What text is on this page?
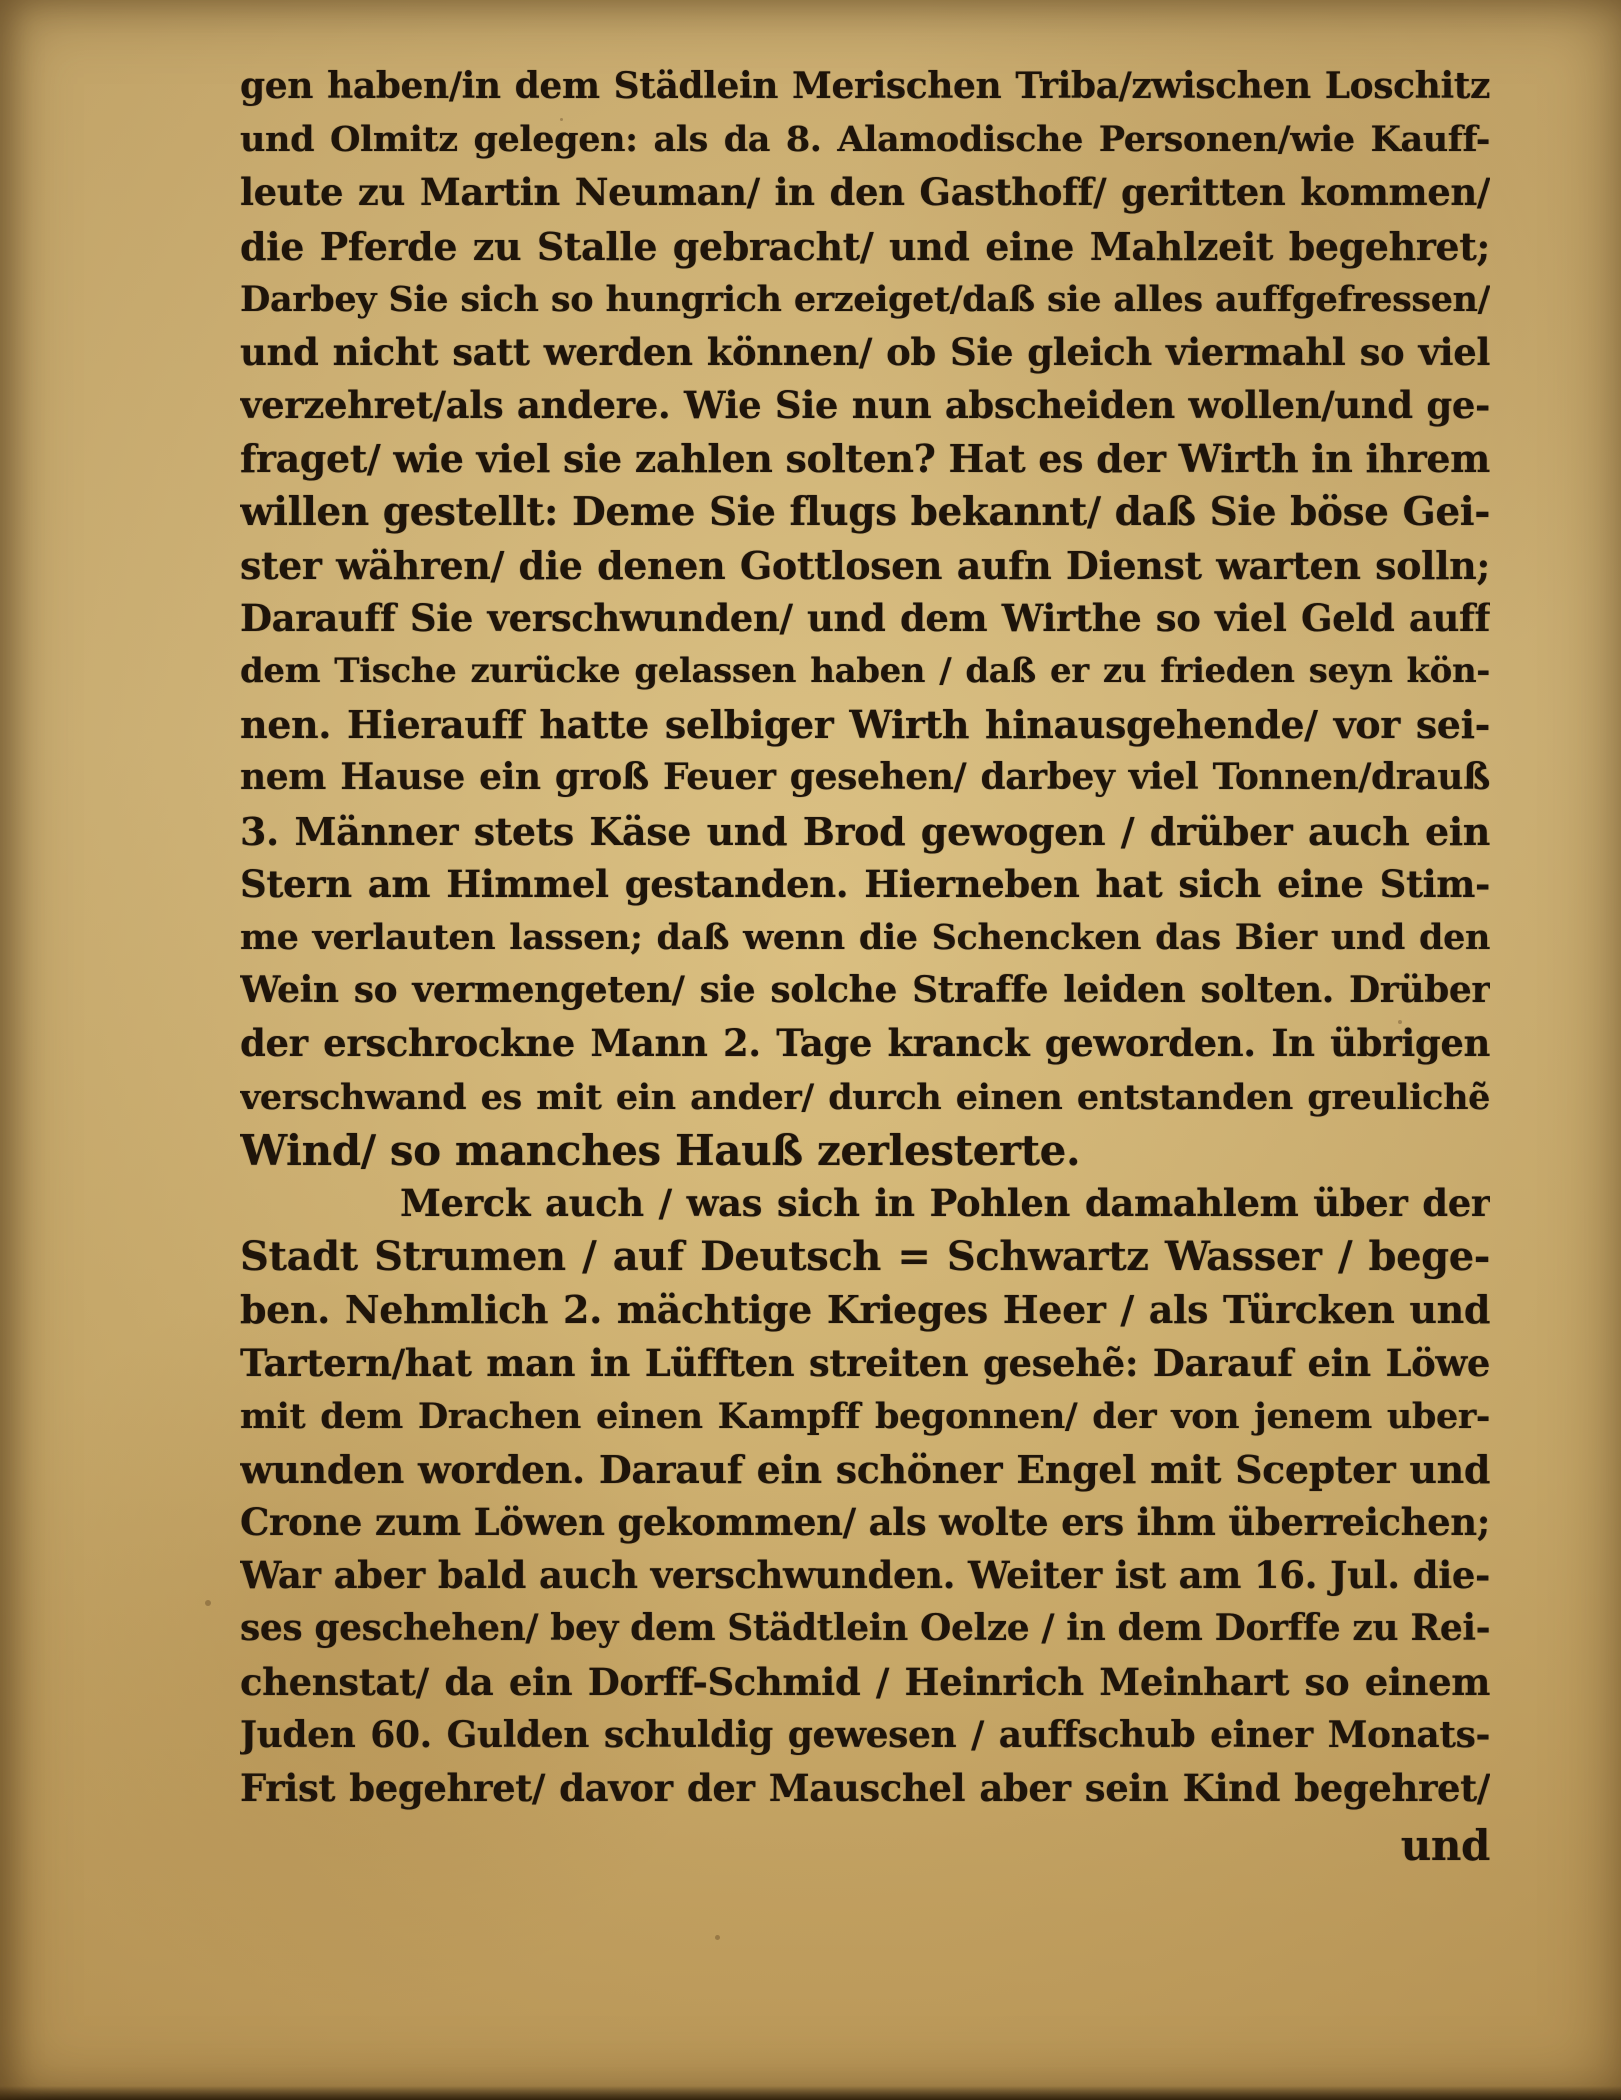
gen haben/in dem Städlein Merischen Triba/zwischen Loschitz
und Olmitz gelegen: als da 8. Alamodische Personen/wie Kauff-
leute zu Martin Neuman/ in den Gasthoff/ geritten kommen/
die Pferde zu Stalle gebracht/ und eine Mahlzeit begehret;
Darbey Sie sich so hungrich erzeiget/daß sie alles auffgefressen/
und nicht satt werden können/ ob Sie gleich viermahl so viel
verzehret/als andere. Wie Sie nun abscheiden wollen/und ge-
fraget/ wie viel sie zahlen solten? Hat es der Wirth in ihrem
willen gestellt: Deme Sie flugs bekannt/ daß Sie böse Gei-
ster währen/ die denen Gottlosen aufn Dienst warten solln;
Darauff Sie verschwunden/ und dem Wirthe so viel Geld auff
dem Tische zurücke gelassen haben / daß er zu frieden seyn kön-
nen. Hierauff hatte selbiger Wirth hinausgehende/ vor sei-
nem Hause ein groß Feuer gesehen/ darbey viel Tonnen/drauß
3. Männer stets Käse und Brod gewogen / drüber auch ein
Stern am Himmel gestanden. Hierneben hat sich eine Stim-
me verlauten lassen; daß wenn die Schencken das Bier und den
Wein so vermengeten/ sie solche Straffe leiden solten. Drüber
der erschrockne Mann 2. Tage kranck geworden. In übrigen
verschwand es mit ein ander/ durch einen entstanden greulichẽ
Wind/ so manches Hauß zerlesterte.
Merck auch / was sich in Pohlen damahlem über der
Stadt Strumen / auf Deutsch = Schwartz Wasser / bege-
ben. Nehmlich 2. mächtige Krieges Heer / als Türcken und
Tartern/hat man in Lüfften streiten gesehẽ: Darauf ein Löwe
mit dem Drachen einen Kampff begonnen/ der von jenem uber-
wunden worden. Darauf ein schöner Engel mit Scepter und
Crone zum Löwen gekommen/ als wolte ers ihm überreichen;
War aber bald auch verschwunden. Weiter ist am 16. Jul. die-
ses geschehen/ bey dem Städtlein Oelze / in dem Dorffe zu Rei-
chenstat/ da ein Dorff-Schmid / Heinrich Meinhart so einem
Juden 60. Gulden schuldig gewesen / auffschub einer Monats-
Frist begehret/ davor der Mauschel aber sein Kind begehret/
und
